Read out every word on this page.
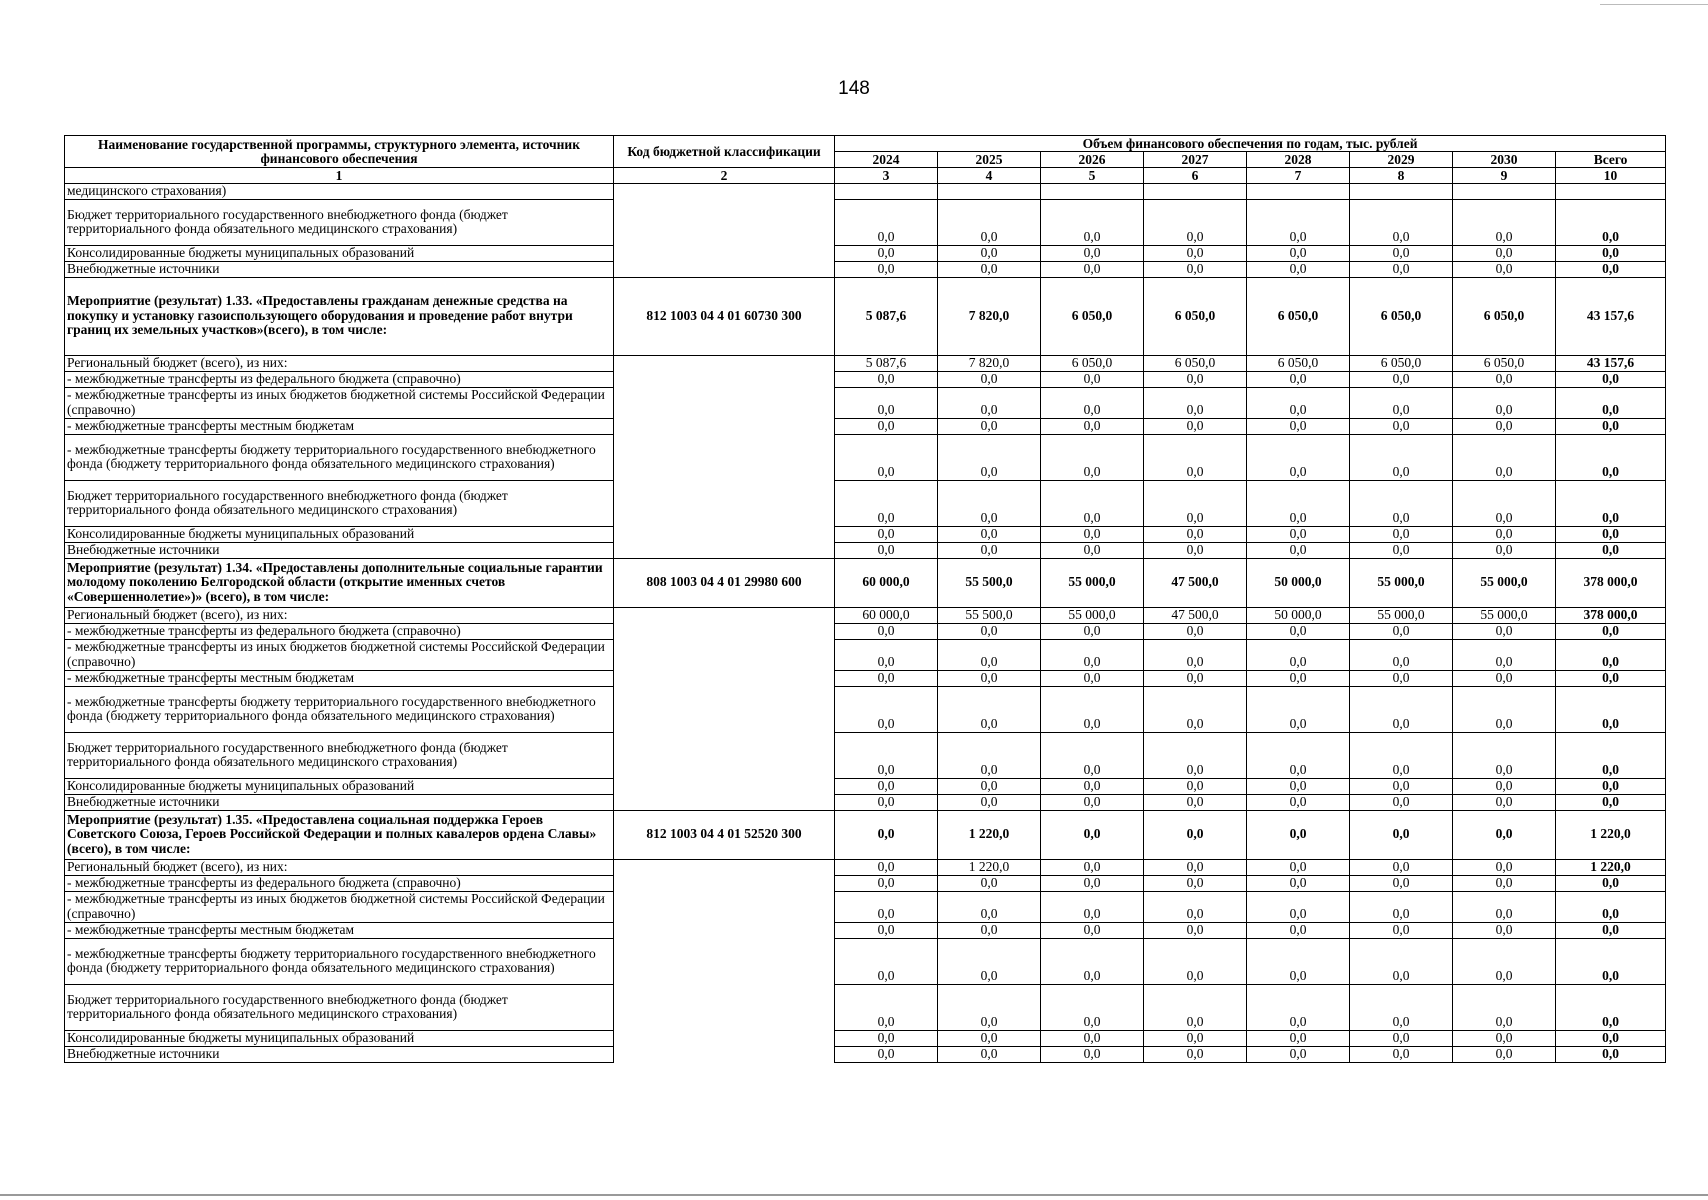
148
Наименование государственной программы, структурного элемента, источник финансового обеспечения	Код бюджетной классификации	Объем финансового обеспечения по годам, тыс. рублей							
		2024	2025	2026	2027	2028	2029	2030	Всего
1	2	3	4	5	6	7	8	9	10
медицинского страхования)									
Бюджет территориального государственного внебюджетного фонда (бюджет территориального фонда обязательного медицинского страхования)		0,0	0,0	0,0	0,0	0,0	0,0	0,0	0,0
Консолидированные бюджеты муниципальных образований		0,0	0,0	0,0	0,0	0,0	0,0	0,0	0,0
Внебюджетные источники		0,0	0,0	0,0	0,0	0,0	0,0	0,0	0,0
Мероприятие (результат) 1.33. «Предоставлены гражданам денежные средства на покупку и установку газоиспользующего оборудования и проведение работ внутри границ их земельных участков»(всего), в том числе:	812 1003 04 4 01 60730 300	5 087,6	7 820,0	6 050,0	6 050,0	6 050,0	6 050,0	6 050,0	43 157,6
Региональный бюджет (всего), из них:		5 087,6	7 820,0	6 050,0	6 050,0	6 050,0	6 050,0	6 050,0	43 157,6
- межбюджетные трансферты из федерального бюджета (справочно)		0,0	0,0	0,0	0,0	0,0	0,0	0,0	0,0
- межбюджетные трансферты из иных бюджетов бюджетной системы Российской Федерации (справочно)		0,0	0,0	0,0	0,0	0,0	0,0	0,0	0,0
- межбюджетные трансферты местным бюджетам		0,0	0,0	0,0	0,0	0,0	0,0	0,0	0,0
- межбюджетные трансферты бюджету территориального государственного внебюджетного фонда (бюджету территориального фонда обязательного медицинского страхования)		0,0	0,0	0,0	0,0	0,0	0,0	0,0	0,0
Бюджет территориального государственного внебюджетного фонда (бюджет территориального фонда обязательного медицинского страхования)		0,0	0,0	0,0	0,0	0,0	0,0	0,0	0,0
Консолидированные бюджеты муниципальных образований		0,0	0,0	0,0	0,0	0,0	0,0	0,0	0,0
Внебюджетные источники		0,0	0,0	0,0	0,0	0,0	0,0	0,0	0,0
Мероприятие (результат) 1.34. «Предоставлены дополнительные социальные гарантии молодому поколению Белгородской области (открытие именных счетов «Совершеннолетие»)» (всего), в том числе:	808 1003 04 4 01 29980 600	60 000,0	55 500,0	55 000,0	47 500,0	50 000,0	55 000,0	55 000,0	378 000,0
Региональный бюджет (всего), из них:		60 000,0	55 500,0	55 000,0	47 500,0	50 000,0	55 000,0	55 000,0	378 000,0
- межбюджетные трансферты из федерального бюджета (справочно)		0,0	0,0	0,0	0,0	0,0	0,0	0,0	0,0
- межбюджетные трансферты из иных бюджетов бюджетной системы Российской Федерации (справочно)		0,0	0,0	0,0	0,0	0,0	0,0	0,0	0,0
- межбюджетные трансферты местным бюджетам		0,0	0,0	0,0	0,0	0,0	0,0	0,0	0,0
- межбюджетные трансферты бюджету территориального государственного внебюджетного фонда (бюджету территориального фонда обязательного медицинского страхования)		0,0	0,0	0,0	0,0	0,0	0,0	0,0	0,0
Бюджет территориального государственного внебюджетного фонда (бюджет территориального фонда обязательного медицинского страхования)		0,0	0,0	0,0	0,0	0,0	0,0	0,0	0,0
Консолидированные бюджеты муниципальных образований		0,0	0,0	0,0	0,0	0,0	0,0	0,0	0,0
Внебюджетные источники		0,0	0,0	0,0	0,0	0,0	0,0	0,0	0,0
Мероприятие (результат) 1.35. «Предоставлена социальная поддержка Героев Советского Союза, Героев Российской Федерации и полных кавалеров ордена Славы» (всего), в том числе:	812 1003 04 4 01 52520 300	0,0	1 220,0	0,0	0,0	0,0	0,0	0,0	1 220,0
Региональный бюджет (всего), из них:		0,0	1 220,0	0,0	0,0	0,0	0,0	0,0	1 220,0
- межбюджетные трансферты из федерального бюджета (справочно)		0,0	0,0	0,0	0,0	0,0	0,0	0,0	0,0
- межбюджетные трансферты из иных бюджетов бюджетной системы Российской Федерации (справочно)		0,0	0,0	0,0	0,0	0,0	0,0	0,0	0,0
- межбюджетные трансферты местным бюджетам		0,0	0,0	0,0	0,0	0,0	0,0	0,0	0,0
- межбюджетные трансферты бюджету территориального государственного внебюджетного фонда (бюджету территориального фонда обязательного медицинского страхования)		0,0	0,0	0,0	0,0	0,0	0,0	0,0	0,0
Бюджет территориального государственного внебюджетного фонда (бюджет территориального фонда обязательного медицинского страхования)		0,0	0,0	0,0	0,0	0,0	0,0	0,0	0,0
Консолидированные бюджеты муниципальных образований		0,0	0,0	0,0	0,0	0,0	0,0	0,0	0,0
Внебюджетные источники		0,0	0,0	0,0	0,0	0,0	0,0	0,0	0,0
